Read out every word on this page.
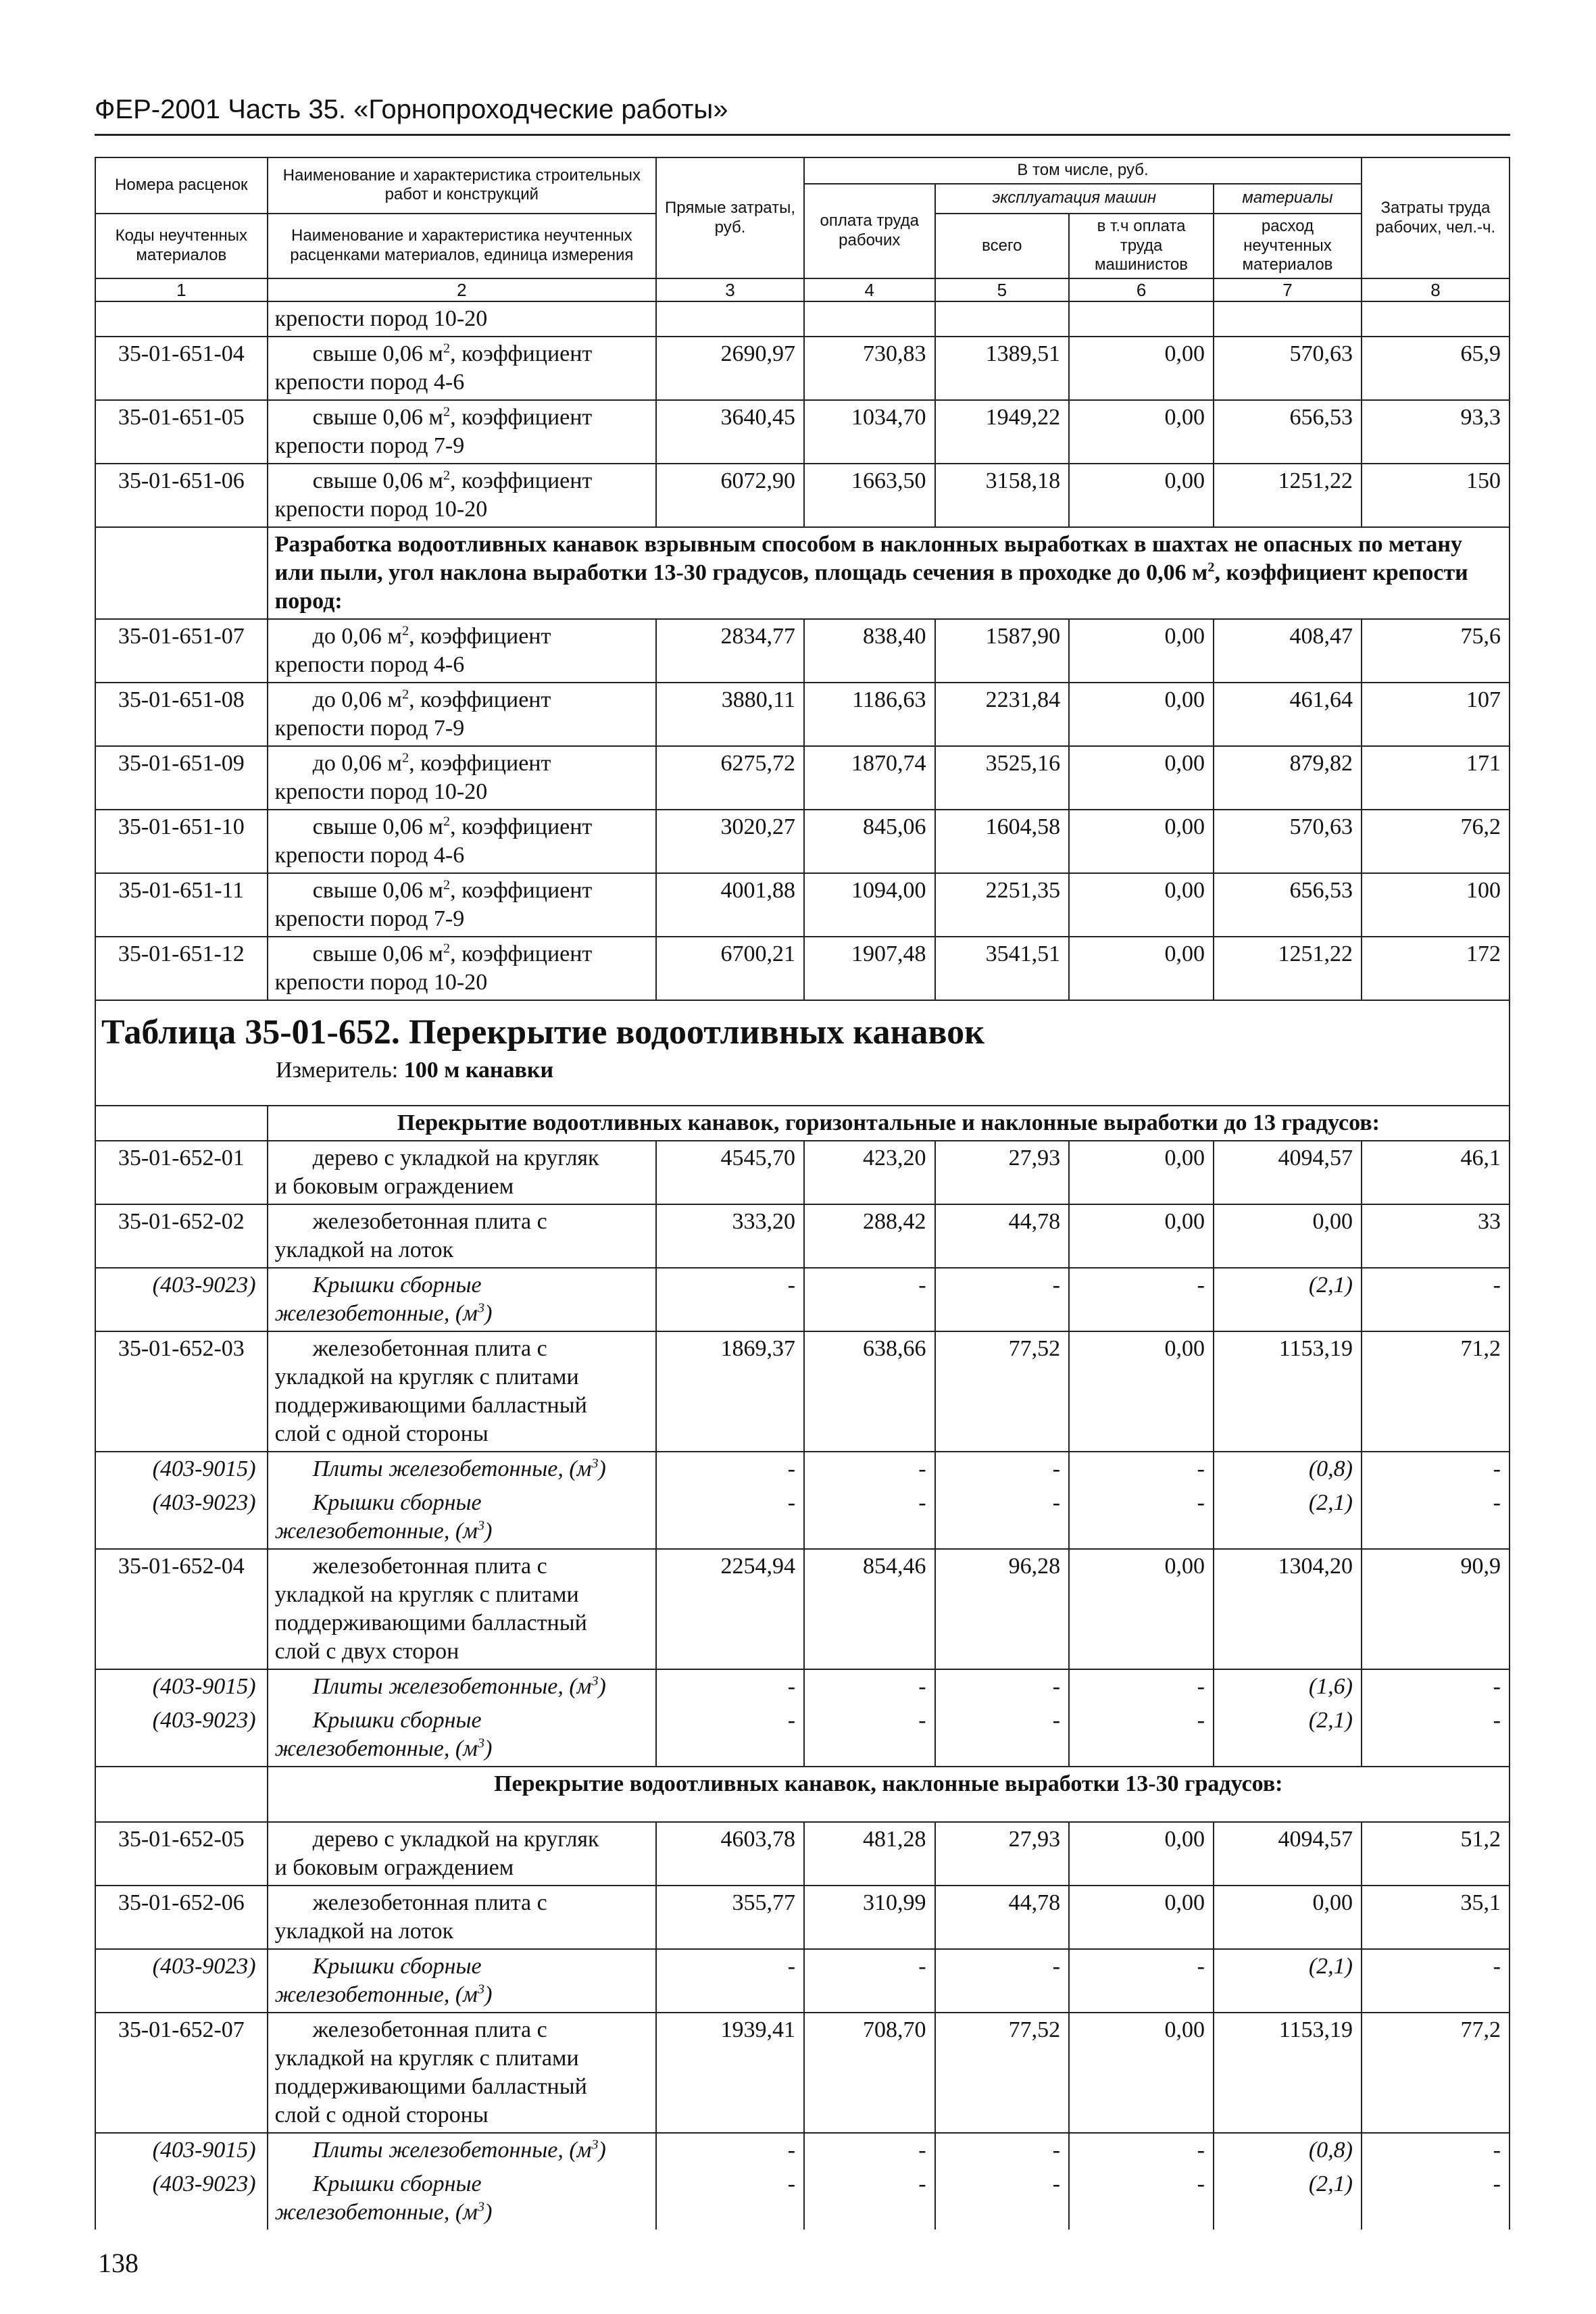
ФЕР-2001 Часть 35. «Горнопроходческие работы»
Номера расценок	Наименование и характеристика строительных работ и конструкций	Прямые затраты, руб.	В том числе, руб.				Затраты труда рабочих, чел.-ч.
			оплата труда рабочих	эксплуатация машин		материалы	
Коды неучтенных материалов	Наименование и характеристика неучтенных расценками материалов, единица измерения			всего	в т.ч оплата труда машинистов	расход неучтенных материалов	

1	2	3	4	5	6	7	8
	крепости пород 10-20						
35-01-651-04	свыше 0,06 $м^2$, коэффициент
крепости пород 4-6	2690,97	730,83	1389,51	0,00	570,63	65,9
35-01-651-05	свыше 0,06 $м^2$, коэффициент
крепости пород 7-9	3640,45	1034,70	1949,22	0,00	656,53	93,3
35-01-651-06	свыше 0,06 $м^2$, коэффициент
крепости пород 10-20	6072,90	1663,50	3158,18	0,00	1251,22	150
	Разработка водоотливных канавок взрывным способом в наклонных выработках в шахтах не опасных по метану или пыли, угол наклона выработки 13-30 градусов, площадь сечения в проходке до 0,06 $м^2$, коэффициент крепости пород:						
35-01-651-07	до 0,06 $м^2$, коэффициент
крепости пород 4-6	2834,77	838,40	1587,90	0,00	408,47	75,6
35-01-651-08	до 0,06 $м^2$, коэффициент
крепости пород 7-9	3880,11	1186,63	2231,84	0,00	461,64	107
35-01-651-09	до 0,06 $м^2$, коэффициент
крепости пород 10-20	6275,72	1870,74	3525,16	0,00	879,82	171
35-01-651-10	свыше 0,06 $м^2$, коэффициент
крепости пород 4-6	3020,27	845,06	1604,58	0,00	570,63	76,2
35-01-651-11	свыше 0,06 $м^2$, коэффициент
крепости пород 7-9	4001,88	1094,00	2251,35	0,00	656,53	100
35-01-651-12	свыше 0,06 $м^2$, коэффициент
крепости пород 10-20	6700,21	1907,48	3541,51	0,00	1251,22	172

Таблица 35-01-652. Перекрытие водоотливных канавок
Измеритель: 100 м канавки							

	Перекрытие водоотливных канавок, горизонтальные и наклонные выработки до 13 градусов:						
35-01-652-01	дерево с укладкой на кругляк
и боковым ограждением	4545,70	423,20	27,93	0,00	4094,57	46,1
35-01-652-02	железобетонная плита с
укладкой на лоток	333,20	288,42	44,78	0,00	0,00	33
(403-9023)	Крышки сборные
железобетонные, $(м^3)$	-	-	-	-	(2,1)	-
35-01-652-03	железобетонная плита с
укладкой на кругляк с плитами
поддерживающими балластный
слой с одной стороны	1869,37	638,66	77,52	0,00	1153,19	71,2
(403-9015)	Плиты железобетонные, $(м^3)$	-	-	-	-	(0,8)	-
(403-9023)	Крышки сборные
железобетонные, $(м^3)$	-	-	-	-	(2,1)	-
35-01-652-04	железобетонная плита с
укладкой на кругляк с плитами
поддерживающими балластный
слой с двух сторон	2254,94	854,46	96,28	0,00	1304,20	90,9
(403-9015)	Плиты железобетонные, $(м^3)$	-	-	-	-	(1,6)	-
(403-9023)	Крышки сборные
железобетонные, $(м^3)$	-	-	-	-	(2,1)	-
	Перекрытие водоотливных канавок, наклонные выработки 13-30 градусов:						
35-01-652-05	дерево с укладкой на кругляк
и боковым ограждением	4603,78	481,28	27,93	0,00	4094,57	51,2
35-01-652-06	железобетонная плита с
укладкой на лоток	355,77	310,99	44,78	0,00	0,00	35,1
(403-9023)	Крышки сборные
железобетонные, $(м^3)$	-	-	-	-	(2,1)	-
35-01-652-07	железобетонная плита с
укладкой на кругляк с плитами
поддерживающими балластный
слой с одной стороны	1939,41	708,70	77,52	0,00	1153,19	77,2
(403-9015)	Плиты железобетонные, $(м^3)$	-	-	-	-	(0,8)	-
(403-9023)	Крышки сборные
железобетонные, $(м^3)$	-	-	-	-	(2,1)	-
138
